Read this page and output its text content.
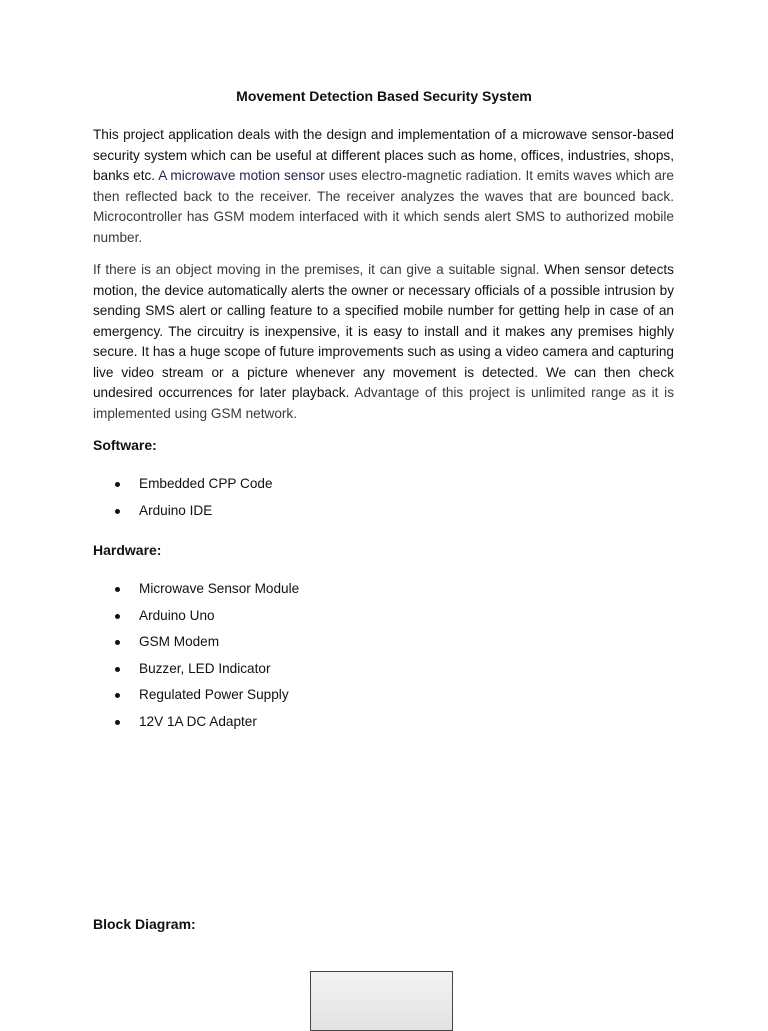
Movement Detection Based Security System

This project application deals with the design and implementation of a microwave sensor-based security system which can be useful at different places such as home, offices, industries, shops, banks etc. A microwave motion sensor uses electro-magnetic radiation. It emits waves which are then reflected back to the receiver. The receiver analyzes the waves that are bounced back. Microcontroller has GSM modem interfaced with it which sends alert SMS to authorized mobile number.

If there is an object moving in the premises, it can give a suitable signal. When sensor detects motion, the device automatically alerts the owner or necessary officials of a possible intrusion by sending SMS alert or calling feature to a specified mobile number for getting help in case of an emergency. The circuitry is inexpensive, it is easy to install and it makes any premises highly secure. It has a huge scope of future improvements such as using a video camera and capturing live video stream or a picture whenever any movement is detected. We can then check undesired occurrences for later playback. Advantage of this project is unlimited range as it is implemented using GSM network.

Software:
Embedded CPP Code
Arduino IDE
Hardware:
Microwave Sensor Module
Arduino Uno
GSM Modem
Buzzer, LED Indicator
Regulated Power Supply
12V 1A DC Adapter
Block Diagram:
